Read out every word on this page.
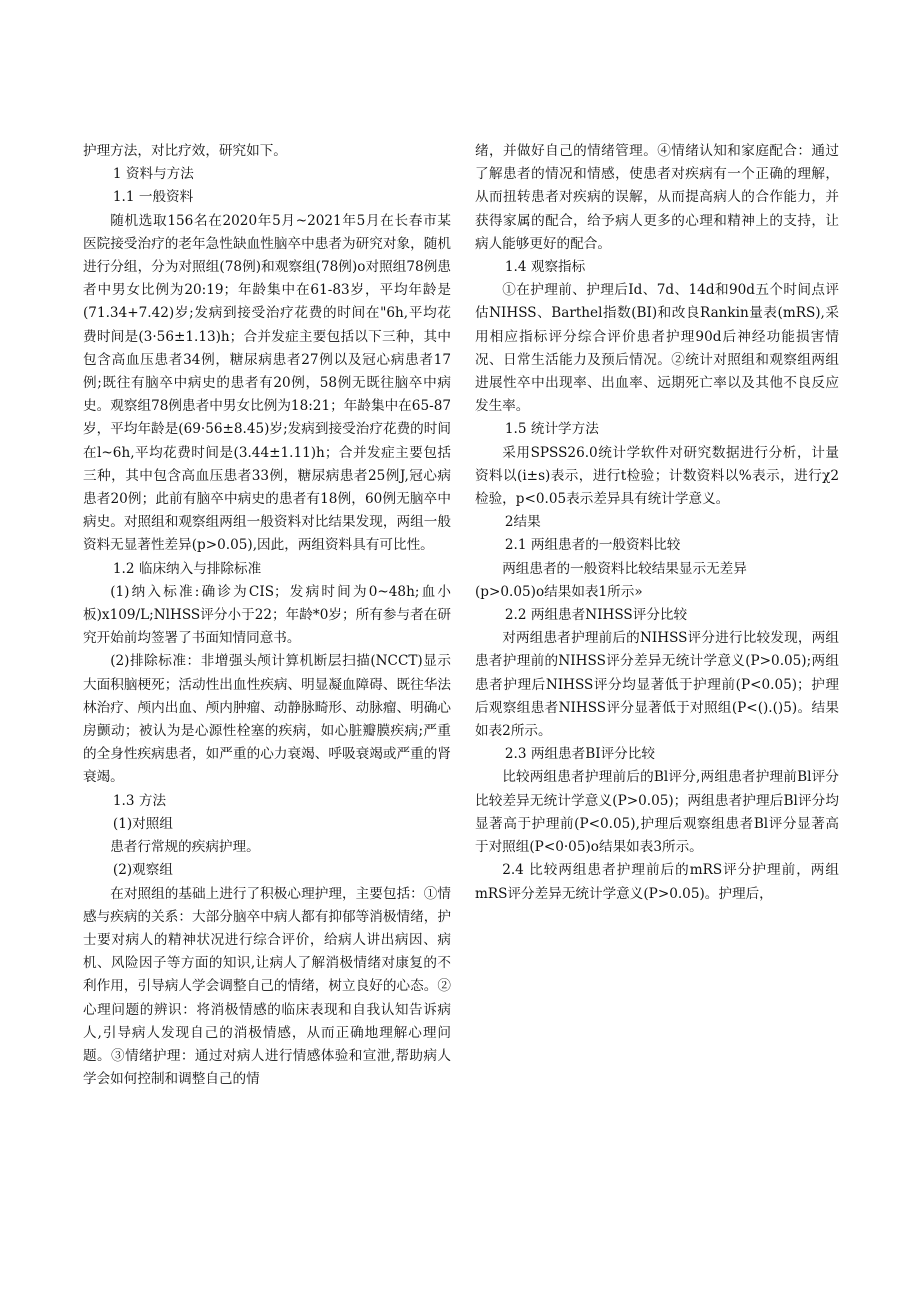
护理方法，对比疗效，研究如下。

1 资料与方法

1.1 一般资料

随机选取156名在2020年5月~2021年5月在长春市某医院接受治疗的老年急性缺血性脑卒中患者为研究对象，随机进行分组，分为对照组(78例)和观察组(78例)o对照组78例患者中男女比例为20:19；年龄集中在61-83岁，平均年龄是(71.34+7.42)岁;发病到接受治疗花费的时间在"6h,平均花费时间是(3·56±1.13)h；合并发症主要包括以下三种，其中包含高血压患者34例，糖尿病患者27例以及冠心病患者17例;既往有脑卒中病史的患者有20例，58例无既往脑卒中病史。观察组78例患者中男女比例为18:21；年龄集中在65-87岁，平均年龄是(69·56±8.45)岁;发病到接受治疗花费的时间在l~6h,平均花费时间是(3.44±1.11)h；合并发症主要包括三种，其中包含高血压患者33例，糖尿病患者25例J,冠心病患者20例；此前有脑卒中病史的患者有18例，60例无脑卒中病史。对照组和观察组两组一般资料对比结果发现，两组一般资料无显著性差异(p>0.05),因此，两组资料具有可比性。

1.2 临床纳入与排除标准

(1)纳入标准:确诊为CIS；发病时间为0~48h;血小板)x109/L;NlHSS评分小于22；年龄*0岁；所有参与者在研究开始前均签署了书面知情同意书。

(2)排除标准：非增强头颅计算机断层扫描(NCCT)显示大面积脑梗死；活动性出血性疾病、明显凝血障碍、既往华法林治疗、颅内出血、颅内肿瘤、动静脉畸形、动脉瘤、明确心房颤动；被认为是心源性栓塞的疾病，如心脏瓣膜疾病;严重的全身性疾病患者，如严重的心力衰竭、呼吸衰竭或严重的肾衰竭。

1.3 方法

(1)对照组

患者行常规的疾病护理。

(2)观察组

在对照组的基础上进行了积极心理护理，主要包括：①情感与疾病的关系：大部分脑卒中病人都有抑郁等消极情绪，护士要对病人的精神状况进行综合评价，给病人讲出病因、病机、风险因子等方面的知识,让病人了解消极情绪对康复的不利作用，引导病人学会调整自己的情绪，树立良好的心态。②心理问题的辨识：将消极情感的临床表现和自我认知告诉病人,引导病人发现自己的消极情感，从而正确地理解心理问题。③情绪护理：通过对病人进行情感体验和宣泄,帮助病人学会如何控制和调整自己的情

绪，并做好自己的情绪管理。④情绪认知和家庭配合：通过了解患者的情况和情感，使患者对疾病有一个正确的理解，从而扭转患者对疾病的误解，从而提高病人的合作能力，并获得家属的配合，给予病人更多的心理和精神上的支持，让病人能够更好的配合。

1.4 观察指标

①在护理前、护理后Id、7d、14d和90d五个时间点评估NIHSS、Barthel指数(BI)和改良Rankin量表(mRS),采用相应指标评分综合评价患者护理90d后神经功能损害情况、日常生活能力及预后情况。②统计对照组和观察组两组进展性卒中出现率、出血率、远期死亡率以及其他不良反应发生率。

1.5 统计学方法

采用SPSS26.0统计学软件对研究数据进行分析，计量资料以(i±s)表示，进行t检验；计数资料以%表示，进行χ2检验，p<0.05表示差异具有统计学意义。

2结果

2.1 两组患者的一般资料比较

两组患者的一般资料比较结果显示无差异

(p>0.05)o结果如表1所示»

2.2 两组患者NIHSS评分比较

对两组患者护理前后的NIHSS评分进行比较发现，两组患者护理前的NIHSS评分差异无统计学意义(P>0.05);两组患者护理后NIHSS评分均显著低于护理前(P<0.05)；护理后观察组患者NIHSS评分显著低于对照组(P<().()5)。结果如表2所示。

2.3 两组患者BI评分比较

比较两组患者护理前后的Bl评分,两组患者护理前Bl评分比较差异无统计学意义(P>0.05)；两组患者护理后Bl评分均显著高于护理前(P<0.05),护理后观察组患者Bl评分显著高于对照组(P<0·05)o结果如表3所示。

2.4 比较两组患者护理前后的mRS评分护理前，两组mRS评分差异无统计学意义(P>0.05)。护理后，
